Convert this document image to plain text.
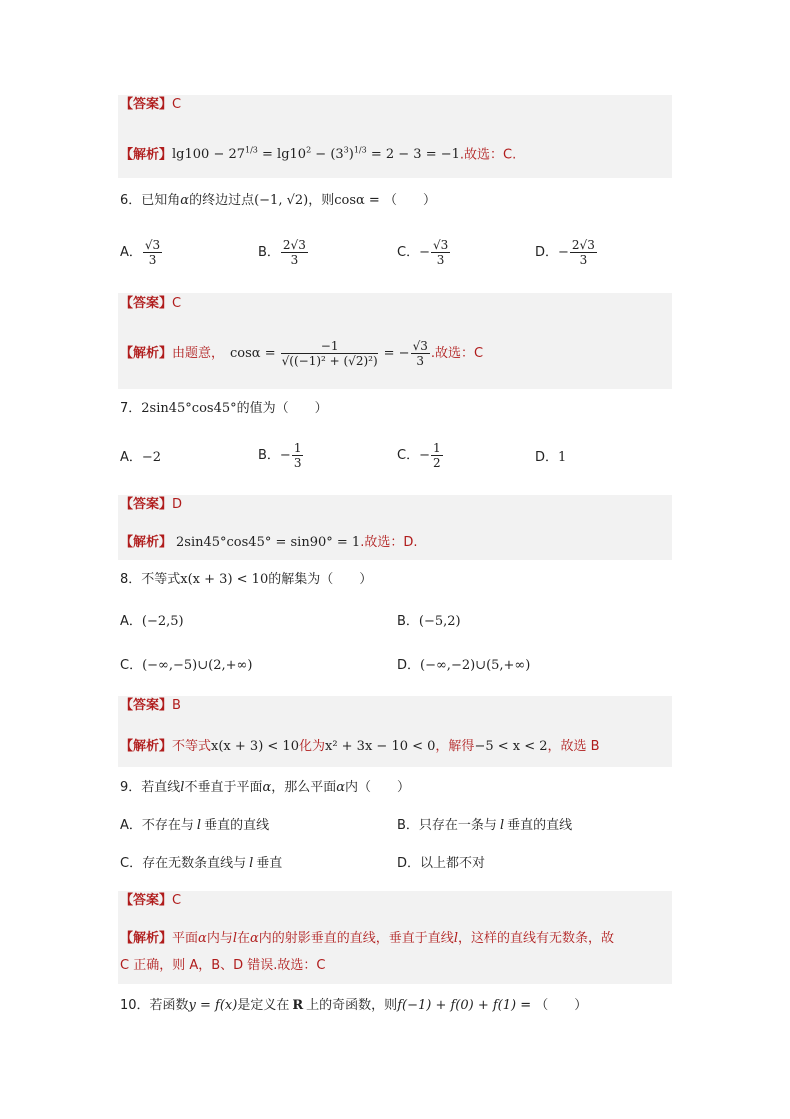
【答案】C
【解析】$\lg 100 - 27^{1/3} = \lg 10^2 - (3^3)^{1/3} = 2 - 3 = -1$.故选：C.
6．已知角α的终边过点(−1, √2)，则cosα = （　　）
A． $\frac{√3}{3}$	B． $\frac{2√3}{3}$	C．− $\frac{√3}{3}$	D．− $\frac{2√3}{3}$
【答案】C
【解析】由题意， $\cos\alpha = \frac{-1}{\text{√((−1)² + (√2)²)}}$ = − $\frac{√3}{3}$ .故选：C
7．2sin45°cos45°的值为（　　）
A．−2	B．− $\frac{1}{3}$	C．− $\frac{1}{2}$	D．1
【答案】D
【解析】 2sin45°cos45° = sin90° = 1.故选：D.
8．不等式x(x + 3) < 10的解集为（　　）
A．(−2,5)	B．(−5,2)
C．(−∞,−5)∪(2,+∞)	D．(−∞,−2)∪(5,+∞)
【答案】B
【解析】不等式x(x + 3) < 10化为x² + 3x − 10 < 0，解得−5 < x < 2，故选 B
9．若直线l不垂直于平面α，那么平面α内（　　）
A．不存在与 l 垂直的直线	B．只存在一条与 l 垂直的直线
C．存在无数条直线与 l 垂直	D．以上都不对
【答案】C
【解析】平面α内与l在α内的射影垂直的直线，垂直于直线l，这样的直线有无数条，故
C 正确，则 A，B、D 错误.故选：C
10．若函数y = f(x)是定义在 R 上的奇函数，则f(−1) + f(0) + f(1) = （　　）
